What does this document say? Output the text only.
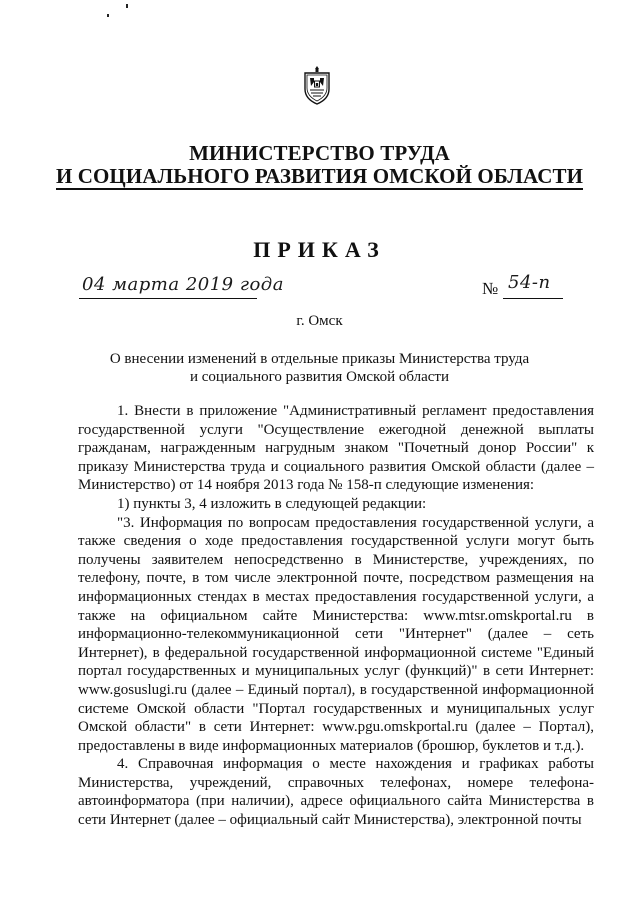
МИНИСТЕРСТВО ТРУДА
И СОЦИАЛЬНОГО РАЗВИТИЯ ОМСКОЙ ОБЛАСТИ
ПРИКАЗ
04 марта 2019 года	№ 54-п
г. Омск
О внесении изменений в отдельные приказы Министерства труда
и социального развития Омской области

1. Внести в приложение "Административный регламент предоставления государственной услуги "Осуществление ежегодной денежной выплаты гражданам, награжденным нагрудным знаком "Почетный донор России" к приказу Министерства труда и социального развития Омской области (далее – Министерство) от 14 ноября 2013 года № 158-п следующие изменения:

1) пункты 3, 4 изложить в следующей редакции:

"3. Информация по вопросам предоставления государственной услуги, а также сведения о ходе предоставления государственной услуги могут быть получены заявителем непосредственно в Министерстве, учреждениях, по телефону, почте, в том числе электронной почте, посредством размещения на информационных стендах в местах предоставления государственной услуги, а также на официальном сайте Министерства: www.mtsr.omskportal.ru в информационно-телекоммуникационной сети "Интернет" (далее – сеть Интернет), в федеральной государственной информационной системе "Единый портал государственных и муниципальных услуг (функций)" в сети Интернет: www.gosuslugi.ru (далее – Единый портал), в государственной информационной системе Омской области "Портал государственных и муниципальных услуг Омской области" в сети Интернет: www.pgu.omskportal.ru (далее – Портал), предоставлены в виде информационных материалов (брошюр, буклетов и т.д.).

4. Справочная информация о месте нахождения и графиках работы Министерства, учреждений, справочных телефонах, номере телефона-автоинформатора (при наличии), адресе официального сайта Министерства в сети Интернет (далее – официальный сайт Министерства), электронной почты
